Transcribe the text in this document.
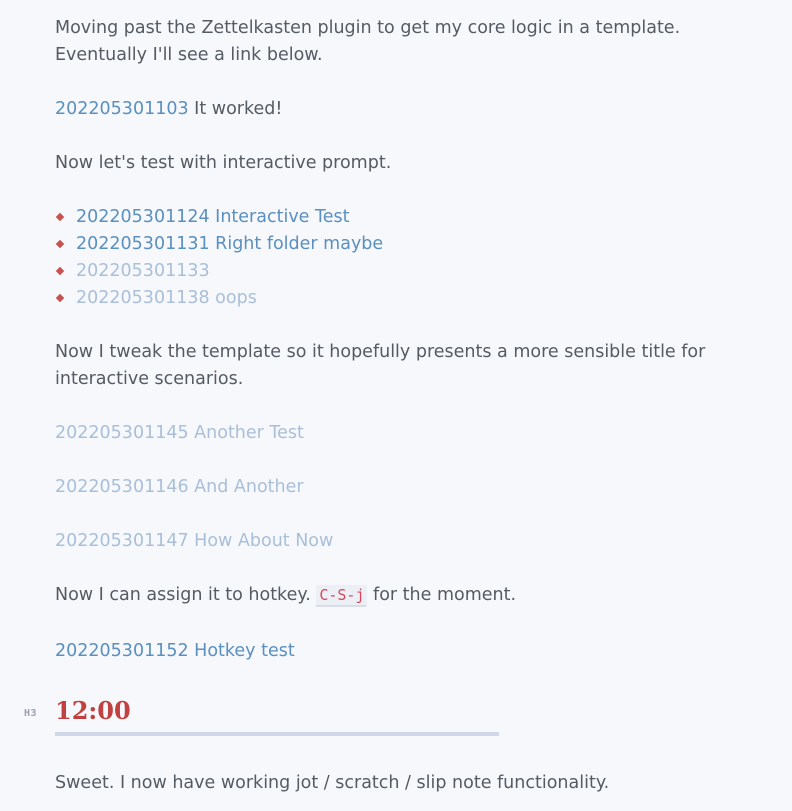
Moving past the Zettelkasten plugin to get my core logic in a template.
Eventually I'll see a link below.

202205301103 It worked!

Now let's test with interactive prompt.

202205301124 Interactive Test
202205301131 Right folder maybe
202205301133
202205301138 oops

Now I tweak the template so it hopefully presents a more sensible title for
interactive scenarios.

202205301145 Another Test

202205301146 And Another

202205301147 How About Now

Now I can assign it to hotkey. C-S-j for the moment.

202205301152 Hotkey test

H3 12:00

Sweet. I now have working jot / scratch / slip note functionality.
